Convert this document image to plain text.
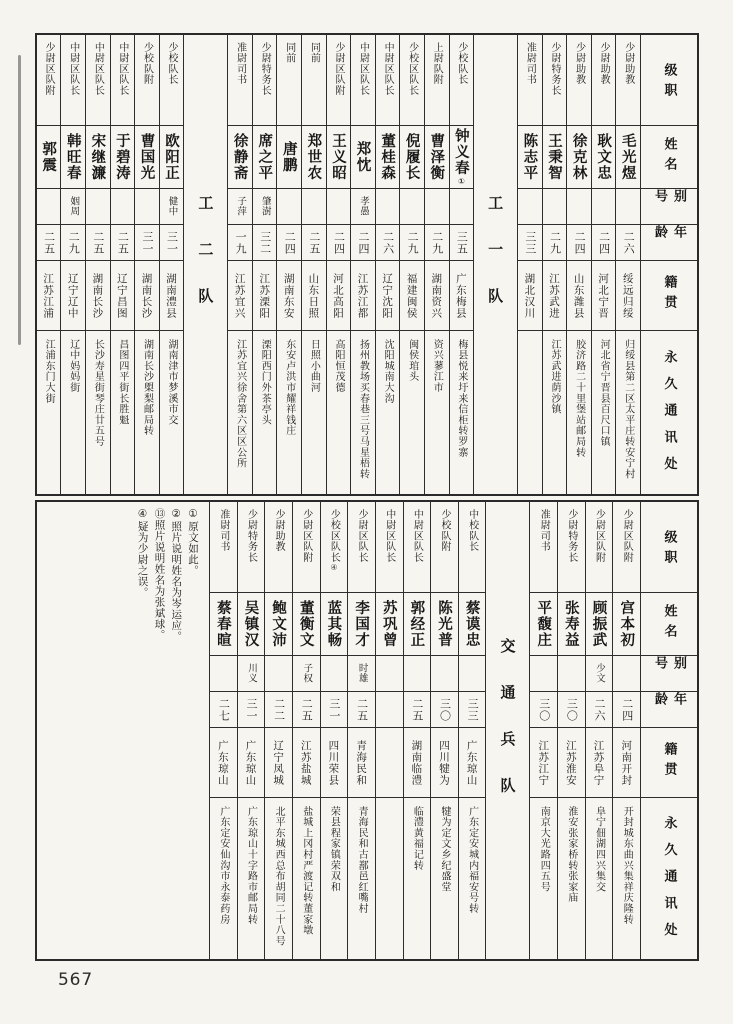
级职
姓名
别号
年龄
籍贯
永久通讯处
少尉助教
毛光煜
二六
绥远归绥
归绥县第二区太平庄转安宁村
少尉助教
耿文忠
二四
河北宁晋
河北省宁晋县百尺口镇
少尉助教
徐克林
二四
山东潍县
胶济路二十里堡站邮局转
少尉特务长
王秉智
二九
江苏武进
江苏武进荫沙镇
准尉司书
陈志平
三三
湖北汉川
工一队
少校队长
钟义春
①
三五
广东梅县
梅县悦来圩来信柜转罗寨
上尉队附
曹泽衡
二九
湖南资兴
资兴蓼江市
少校区队长
倪履长
二九
福建闽侯
闽侯琯头
中尉区队长
董桂森
二六
辽宁沈阳
沈阳城南大沟
中尉区队长
郑忱
孝愚
二四
江苏江都
扬州教场买春巷三号马星梧转
少尉区队附
王义昭
二四
河北高阳
高阳恒茂德
同前
郑世农
二五
山东日照
日照小曲河
同前
唐鹏
二四
湖南东安
东安卢洪市耀祥钱庄
少尉特务长
席之平
肇澍
三二
江苏溧阳
溧阳西门外茶亭头
准尉司书
徐静斋
子萍
一九
江苏宜兴
江苏宜兴徐舍第六区区公所
工二队
少校队长
欧阳正
健中
三一
湖南澧县
湖南津市梦溪市交
少校队附
曹国光
三一
湖南长沙
湖南长沙㮾梨邮局转
中尉区队长
于碧涛
二五
辽宁昌图
昌图四平街长胜魁
中尉区队长
宋继濂
二五
湖南长沙
长沙寿星街琴庄廿五号
中尉区队长
韩旺春
姻周
二九
辽宁辽中
辽中妈妈街
少尉区队附
郭震
二五
江苏江浦
江浦东门大街
级职
姓名
别号
年龄
籍贯
永久通讯处
少尉区队附
宫本初
二四
河南开封
开封城东曲兴集祥庆隆转
少尉区队附
顾振武
少文
二六
江苏阜宁
阜宁佃湖四兴集交
少尉特务长
张寿益
三〇
江苏淮安
淮安张家桥转张家庙
准尉司书
平馥庄
三〇
江苏江宁
南京大光路四五号
交通兵队
中校队长
蔡谟忠
三三
广东琼山
广东定安城内福安号转
少校队附
陈光普
三〇
四川犍为
犍为定文乡纪盛堂
中尉区队长
郭经正
二五
湖南临澧
临澧黄福记转
中尉区队长
苏巩曾
少尉区队长
李国才
时雄
二五
青海民和
青海民和古鄯邑红嘴村
少校区队长
④
蓝其畅
三一
四川荣县
荣县程家镇荣双和
少尉区队附
董衡文
子权
二五
江苏盐城
盐城上冈村严渡记转董家墩
少尉助教
鲍文沛
二二
辽宁凤城
北平东城西总布胡同二十八号
少尉特务长
吴镇汉
川义
三一
广东琼山
广东琼山十字路市邮局转
准尉司书
蔡春暄
二七
广东琼山
广东定安仙沟市永泰药房
①原文如此。
②照片说明姓名为岑运应。
⑬照片说明姓名为张斌球。
④疑为少尉之误。
567
